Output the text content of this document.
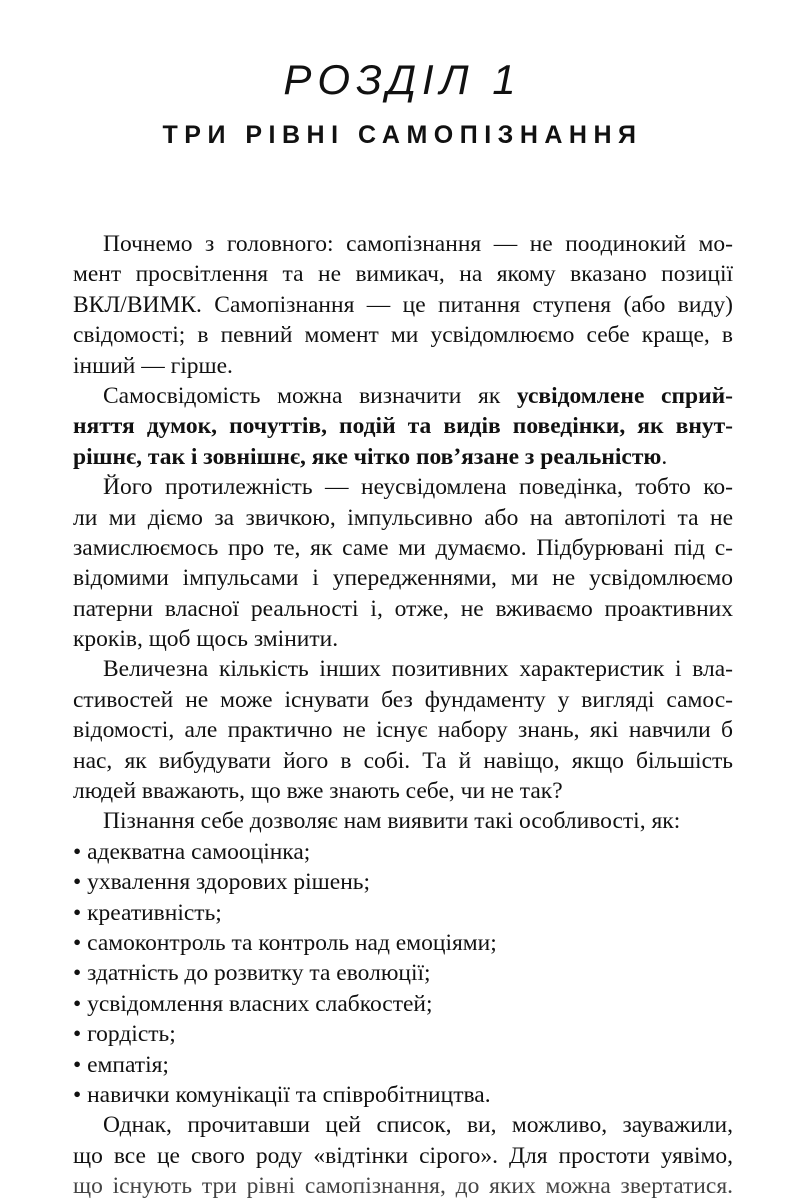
РОЗДІЛ 1
ТРИ РІВНІ САМОПІЗНАННЯ
Почнемо з головного: самопізнання — не поодинокий мо-
мент просвітлення та не вимикач, на якому вказано позиції
ВКЛ/ВИМК. Самопізнання — це питання ступеня (або виду)
свідомості; в певний момент ми усвідомлюємо себе краще, в
інший — гірше.
Самосвідомість можна визначити як усвідомлене сприй-
няття думок, почуттів, подій та видів поведінки, як внут-
рішнє, так і зовнішнє, яке чітко пов’язане з реальністю.
Його протилежність — неусвідомлена поведінка, тобто ко-
ли ми діємо за звичкою, імпульсивно або на автопілоті та не
замислюємось про те, як саме ми думаємо. Підбурювані під с-
відомими імпульсами і упередженнями, ми не усвідомлюємо
патерни власної реальності і, отже, не вживаємо проактивних
кроків, щоб щось змінити.
Величезна кількість інших позитивних характеристик і вла-
стивостей не може існувати без фундаменту у вигляді самос-
відомості, але практично не існує набору знань, які навчили б
нас, як вибудувати його в собі. Та й навіщо, якщо більшість
людей вважають, що вже знають себе, чи не так?
Пізнання себе дозволяє нам виявити такі особливості, як:
• адекватна самооцінка;
• ухвалення здорових рішень;
• креативність;
• самоконтроль та контроль над емоціями;
• здатність до розвитку та еволюції;
• усвідомлення власних слабкостей;
• гордість;
• емпатія;
• навички комунікації та співробітництва.
Однак, прочитавши цей список, ви, можливо, зауважили,
що все це свого роду «відтінки сірого». Для простоти уявімо,
що існують три рівні самопізнання, до яких можна звертатися.
